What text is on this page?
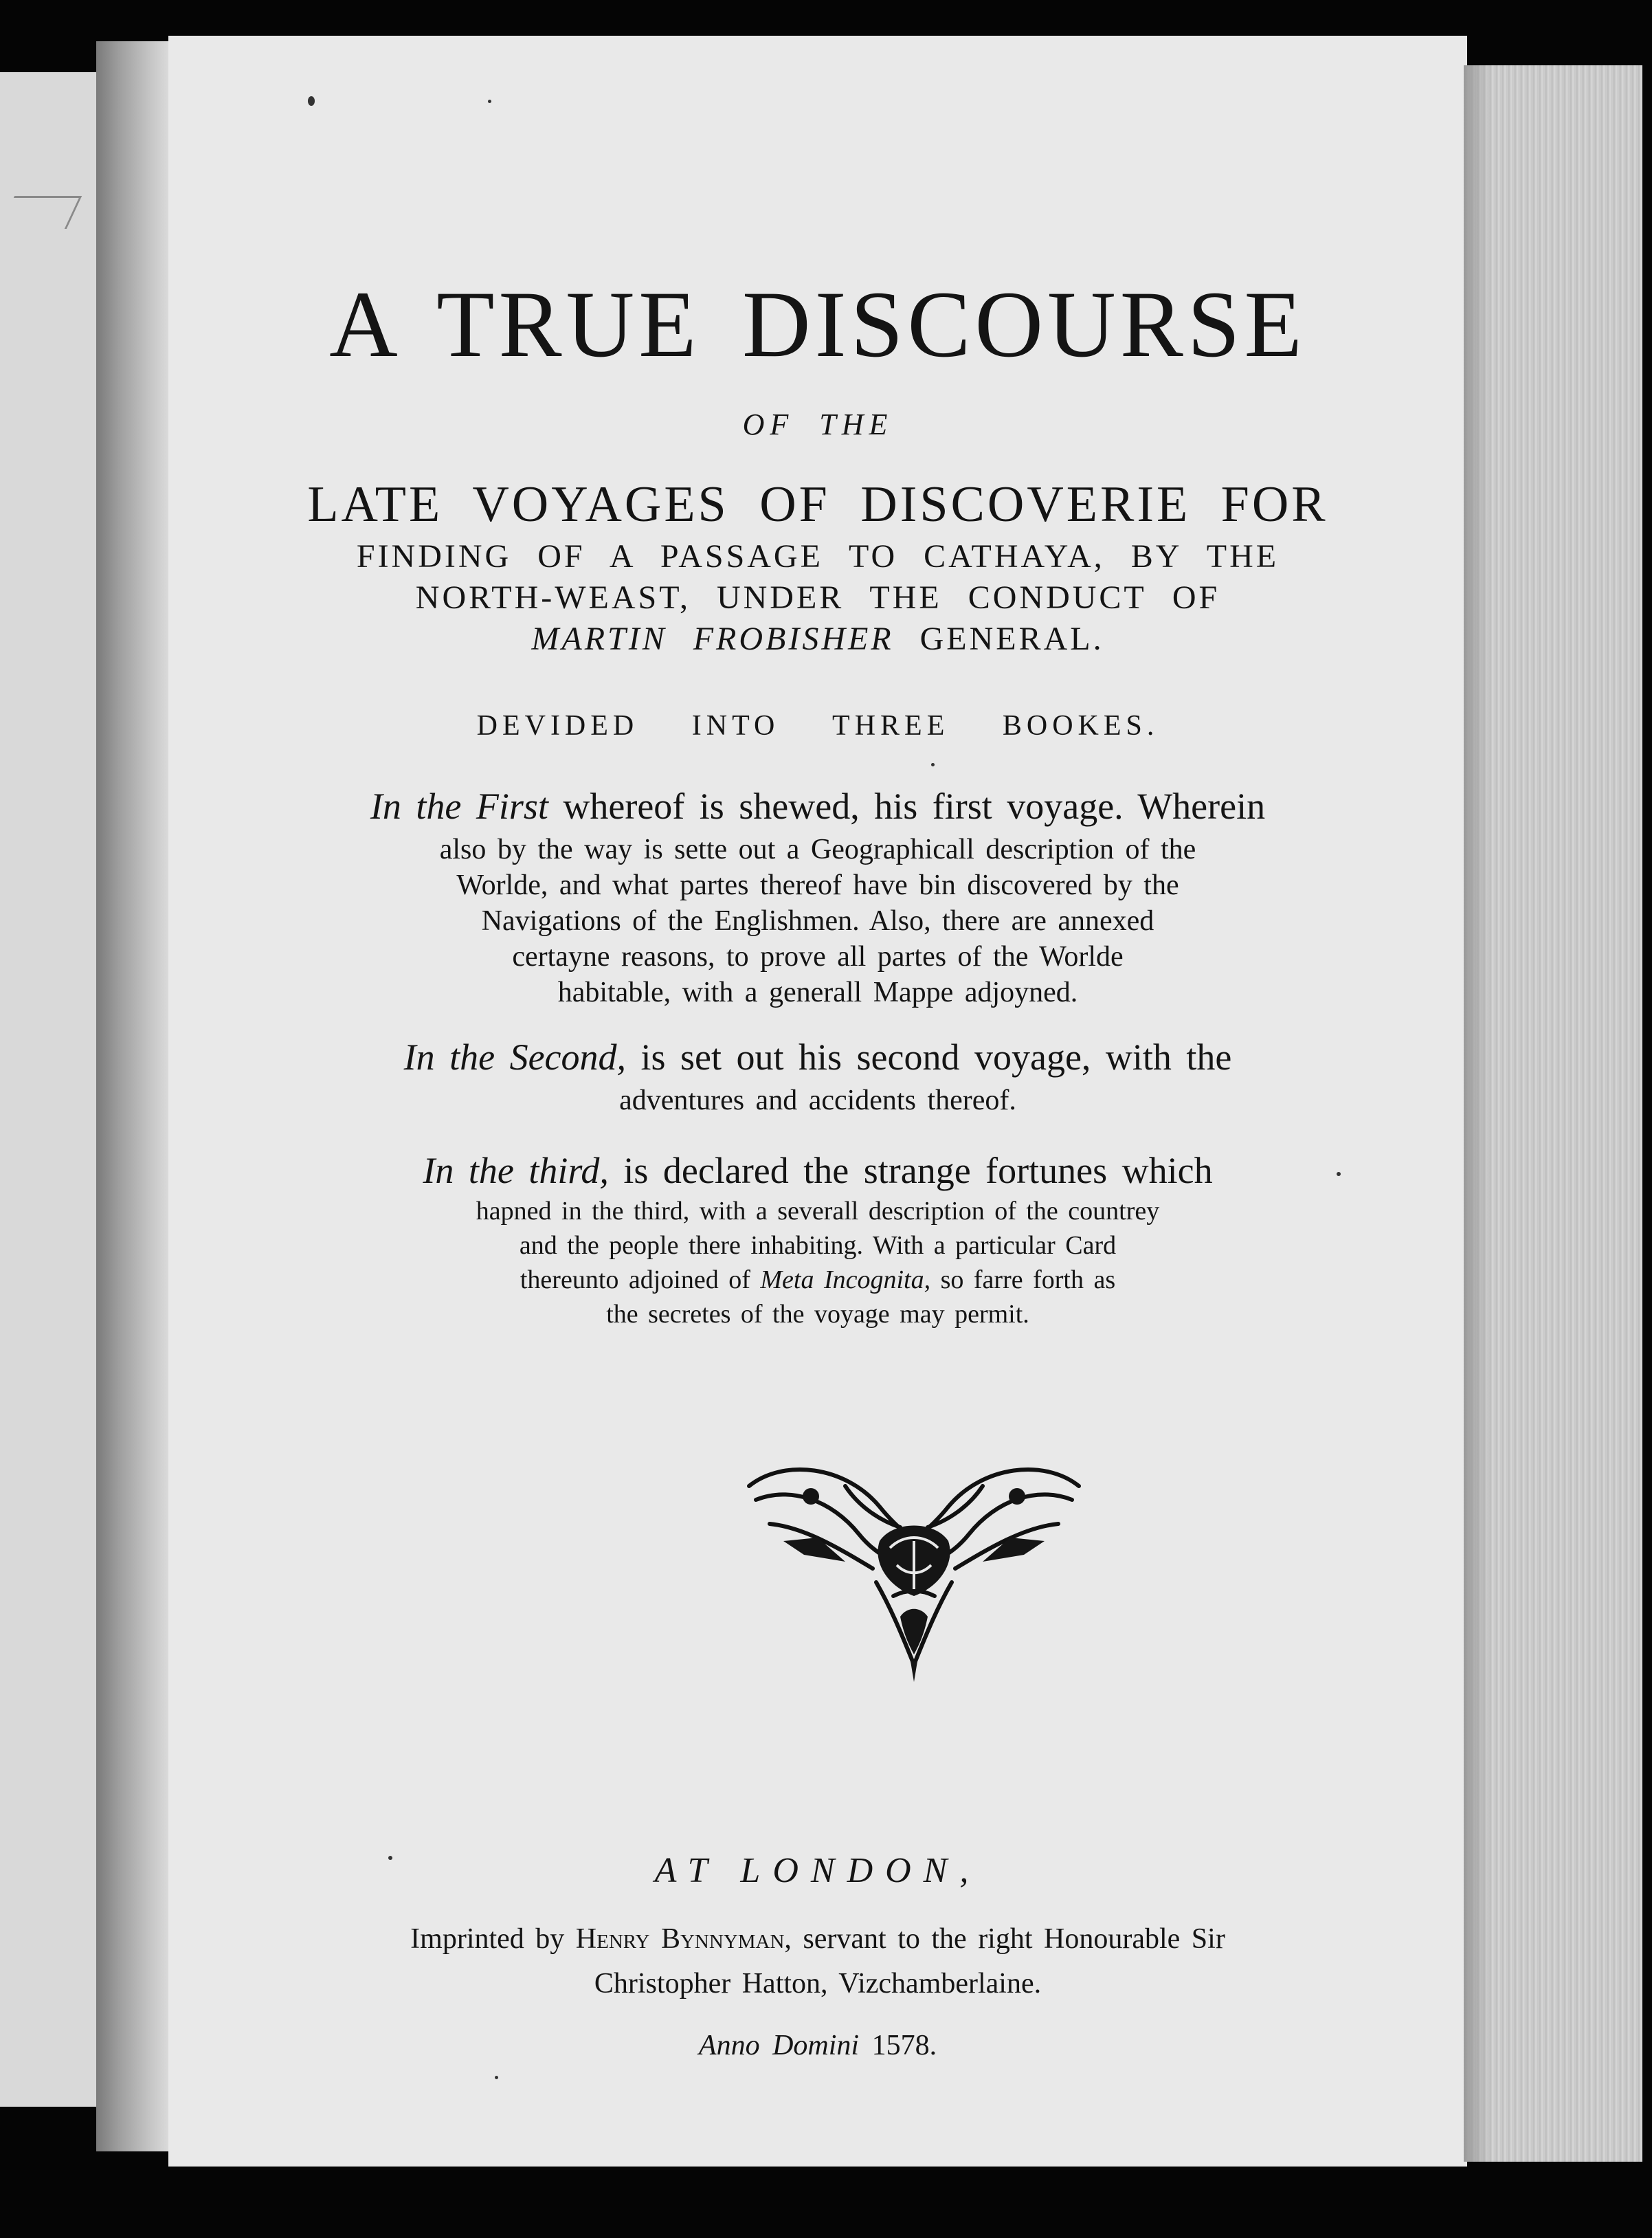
A TRUE DISCOURSE

OF THE

LATE VOYAGES OF DISCOVERIE FOR

FINDING OF A PASSAGE TO CATHAYA, BY THE

NORTH-WEAST, UNDER THE CONDUCT OF

MARTIN FROBISHER GENERAL.

DEVIDED INTO THREE BOOKES.

In the First whereof is shewed, his first voyage. Wherein

also by the way is sette out a Geographicall description of the

Worlde, and what partes thereof have bin discovered by the

Navigations of the Englishmen. Also, there are annexed

certayne reasons, to prove all partes of the Worlde

habitable, with a generall Mappe adjoyned.

In the Second, is set out his second voyage, with the

adventures and accidents thereof.

In the third, is declared the strange fortunes which

hapned in the third, with a severall description of the countrey

and the people there inhabiting. With a particular Card

thereunto adjoined of Meta Incognita, so farre forth as

the secretes of the voyage may permit.

AT LONDON,

Imprinted by Henry Bynnyman, servant to the right Honourable Sir

Christopher Hatton, Vizchamberlaine.

Anno Domini 1578.
